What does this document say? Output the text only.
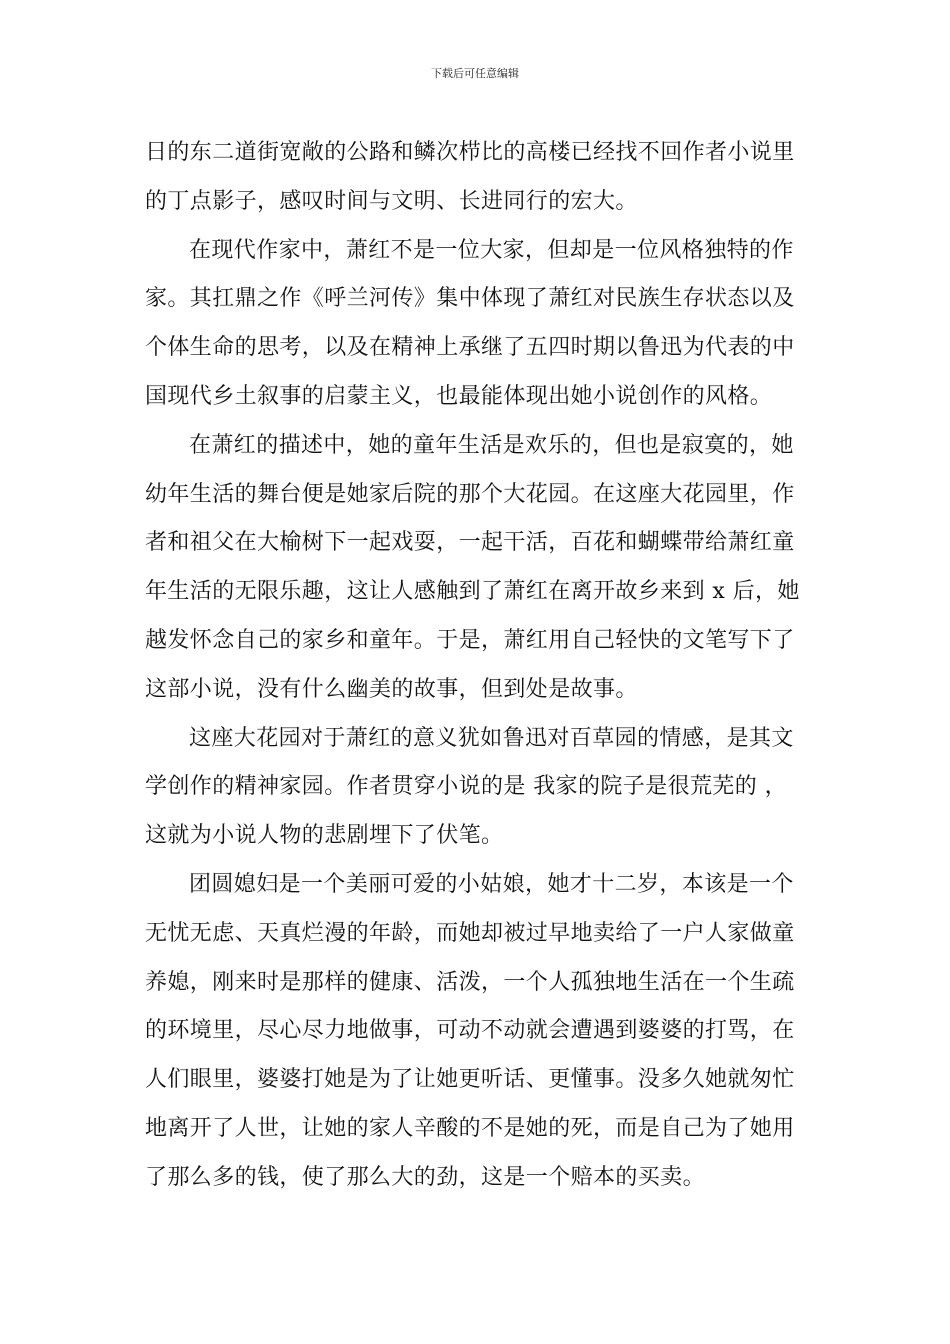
下载后可任意编辑
日的东二道街宽敞的公路和鳞次栉比的高楼已经找不回作者小说里
的丁点影子，感叹时间与文明、长进同行的宏大。
在现代作家中，萧红不是一位大家，但却是一位风格独特的作
家。其扛鼎之作《呼兰河传》集中体现了萧红对民族生存状态以及
个体生命的思考，以及在精神上承继了五四时期以鲁迅为代表的中
国现代乡土叙事的启蒙主义，也最能体现出她小说创作的风格。
在萧红的描述中，她的童年生活是欢乐的，但也是寂寞的，她
幼年生活的舞台便是她家后院的那个大花园。在这座大花园里，作
者和祖父在大榆树下一起戏耍，一起干活，百花和蝴蝶带给萧红童
年生活的无限乐趣，这让人感触到了萧红在离开故乡来到 x 后，她
越发怀念自己的家乡和童年。于是，萧红用自己轻快的文笔写下了
这部小说，没有什么幽美的故事，但到处是故事。
这座大花园对于萧红的意义犹如鲁迅对百草园的情感，是其文
学创作的精神家园。作者贯穿小说的是 我家的院子是很荒芜的 ，
这就为小说人物的悲剧埋下了伏笔。
团圆媳妇是一个美丽可爱的小姑娘，她才十二岁，本该是一个
无忧无虑、天真烂漫的年龄，而她却被过早地卖给了一户人家做童
养媳，刚来时是那样的健康、活泼，一个人孤独地生活在一个生疏
的环境里，尽心尽力地做事，可动不动就会遭遇到婆婆的打骂，在
人们眼里，婆婆打她是为了让她更听话、更懂事。没多久她就匆忙
地离开了人世，让她的家人辛酸的不是她的死，而是自己为了她用
了那么多的钱，使了那么大的劲，这是一个赔本的买卖。
